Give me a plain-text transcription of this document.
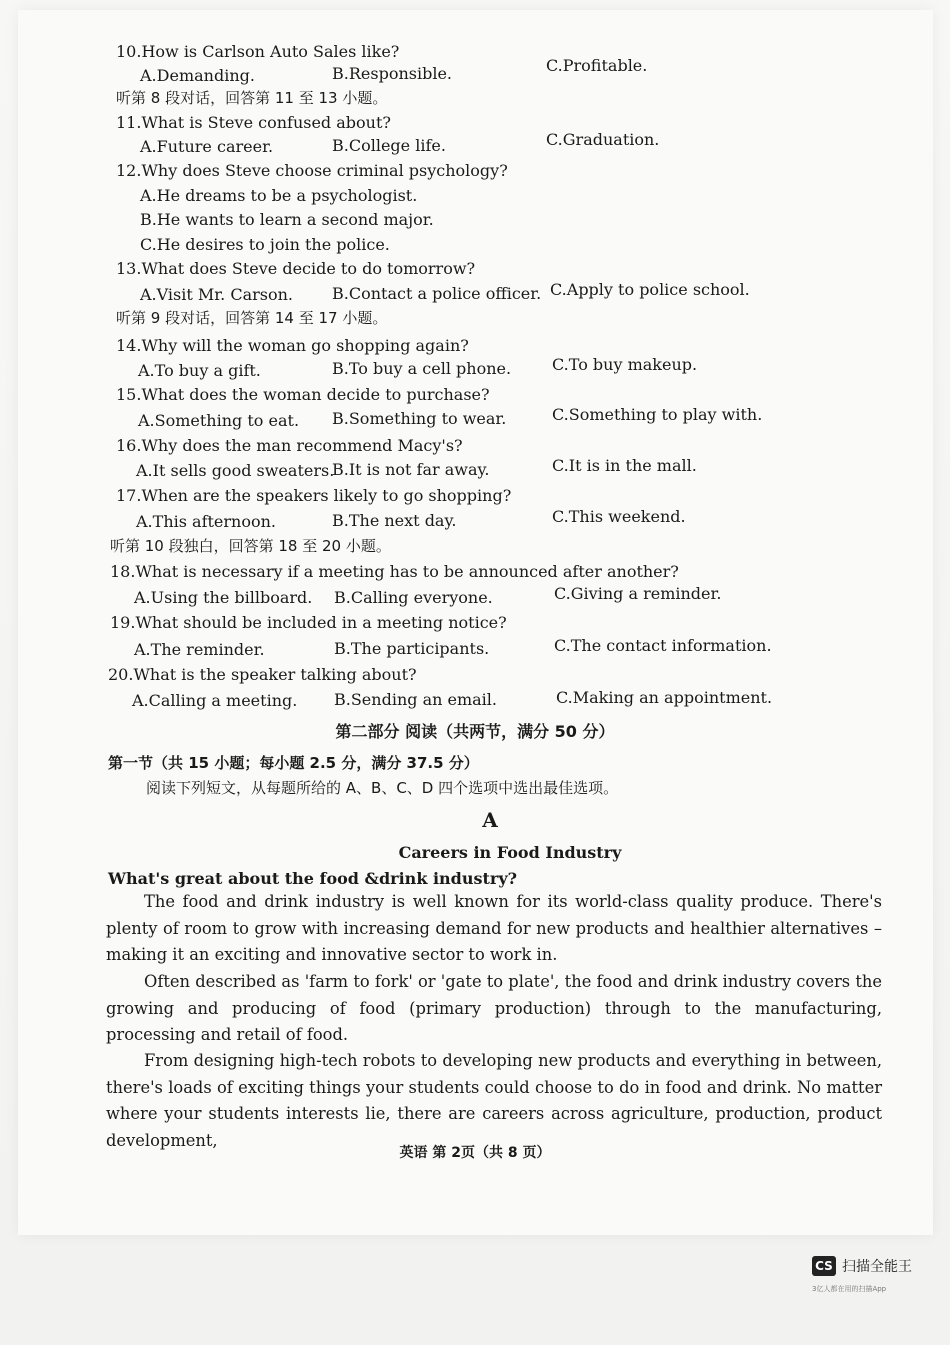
10.How is Carlson Auto Sales like?
A.Demanding.	B.Responsible.	C.Profitable.
听第 8 段对话，回答第 11 至 13 小题。
11.What is Steve confused about?
A.Future career.	B.College life.	C.Graduation.
12.Why does Steve choose criminal psychology?
A.He dreams to be a psychologist.
B.He wants to learn a second major.
C.He desires to join the police.
13.What does Steve decide to do tomorrow?
A.Visit Mr. Carson. B.Contact a police officer. C.Apply to police school.
听第 9 段对话，回答第 14 至 17 小题。
14.Why will the woman go shopping again?
A.To buy a gift.	B.To buy a cell phone.	C.To buy makeup.
15.What does the woman decide to purchase?
A.Something to eat. B.Something to wear.	C.Something to play with.
16.Why does the man recommend Macy's?
A.It sells good sweaters.
B.It is not far away.	C.It is in the mall.
17.When are the speakers likely to go shopping?
A.This afternoon.	B.The next day.	C.This weekend.
听第 10 段独白，回答第 18 至 20 小题。
18.What is necessary if a meeting has to be announced after another?
A.Using the billboard. B.Calling everyone.	C.Giving a reminder.
19.What should be included in a meeting notice?
A.The reminder.	B.The participants.	C.The contact information.
20.What is the speaker talking about?
A.Calling a meeting. B.Sending an email.	C.Making an appointment.
第二部分 阅读（共两节，满分 50 分）
第一节（共 15 小题；每小题 2.5 分，满分 37.5 分）
阅读下列短文，从每题所给的 A、B、C、D 四个选项中选出最佳选项。
A
Careers in Food Industry
What's great about the food &drink industry?
The food and drink industry is well known for its world-class quality produce. There's plenty of room to grow with increasing demand for new products and healthier alternatives – making it an exciting and innovative sector to work in.
Often described as 'farm to fork' or 'gate to plate', the food and drink industry covers the growing and producing of food (primary production) through to the manufacturing, processing and retail of food.
From designing high-tech robots to developing new products and everything in between, there's loads of exciting things your students could choose to do in food and drink. No matter where your students interests lie, there are careers across agriculture, production, product development,
英语 第 2页（共 8 页）
CS 扫描全能王
3亿人都在用的扫描App
